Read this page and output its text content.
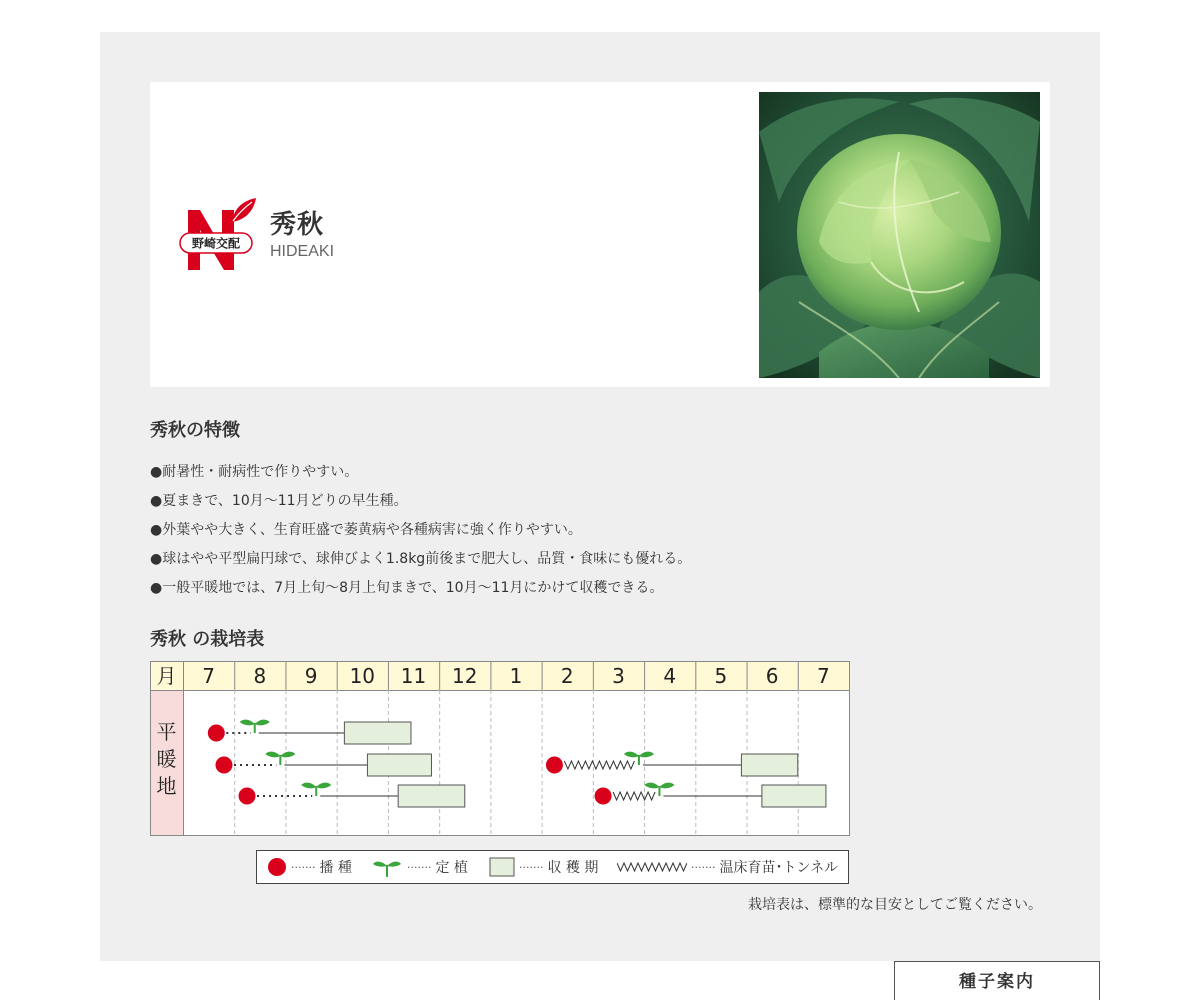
野崎交配
秀秋
HIDEAKI
秀秋の特徴
●耐暑性・耐病性で作りやすい。
●夏まきで、10月〜11月どりの早生種。
●外葉やや大きく、生育旺盛で萎黄病や各種病害に強く作りやすい。
●球はやや平型扁円球で、球伸びよく1.8kg前後まで肥大し、品質・食味にも優れる。
●一般平暖地では、7月上旬〜8月上旬まきで、10月〜11月にかけて収穫できる。
秀秋 の栽培表
月 7 8 9 10 11 12 1 2 3 4 5 6 7
平
暖
地
······· 播 種	······· 定 植	······· 収 穫 期	······· 温床育苗･トンネル
栽培表は、標準的な目安としてご覧ください。
種子案内
